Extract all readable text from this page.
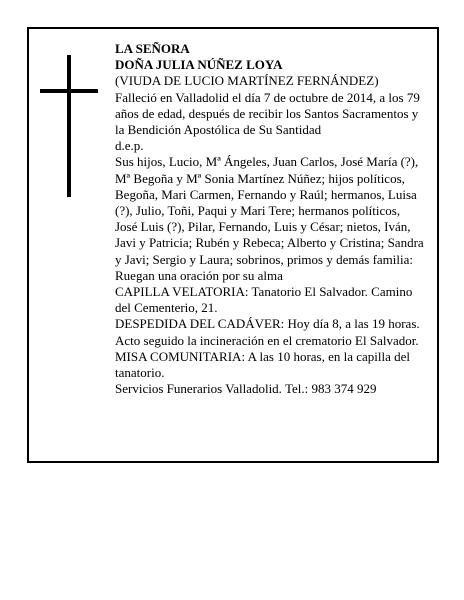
LA SEÑORA

DOÑA JULIA NÚÑEZ LOYA

(VIUDA DE LUCIO MARTÍNEZ FERNÁNDEZ)

Falleció en Valladolid el día 7 de octubre de 2014, a los 79 años de edad, después de recibir los Santos Sacramentos y la Bendición Apostólica de Su Santidad

d.e.p.

Sus hijos, Lucio, Mª Ángeles, Juan Carlos, José María (?), Mª Begoña y Mª Sonia Martínez Núñez; hijos políticos, Begoña, Mari Carmen, Fernando y Raúl; hermanos, Luisa (?), Julio, Toñi, Paqui y Mari Tere; hermanos políticos, José Luis (?), Pilar, Fernando, Luis y César; nietos, Iván, Javi y Patricia; Rubén y Rebeca; Alberto y Cristina; Sandra y Javi; Sergio y Laura; sobrinos, primos y demás familia:

Ruegan una oración por su alma

CAPILLA VELATORIA: Tanatorio El Salvador. Camino del Cementerio, 21.

DESPEDIDA DEL CADÁVER: Hoy día 8, a las 19 horas. Acto seguido la incineración en el crematorio El Salvador.

MISA COMUNITARIA: A las 10 horas, en la capilla del tanatorio.

Servicios Funerarios Valladolid. Tel.: 983 374 929
